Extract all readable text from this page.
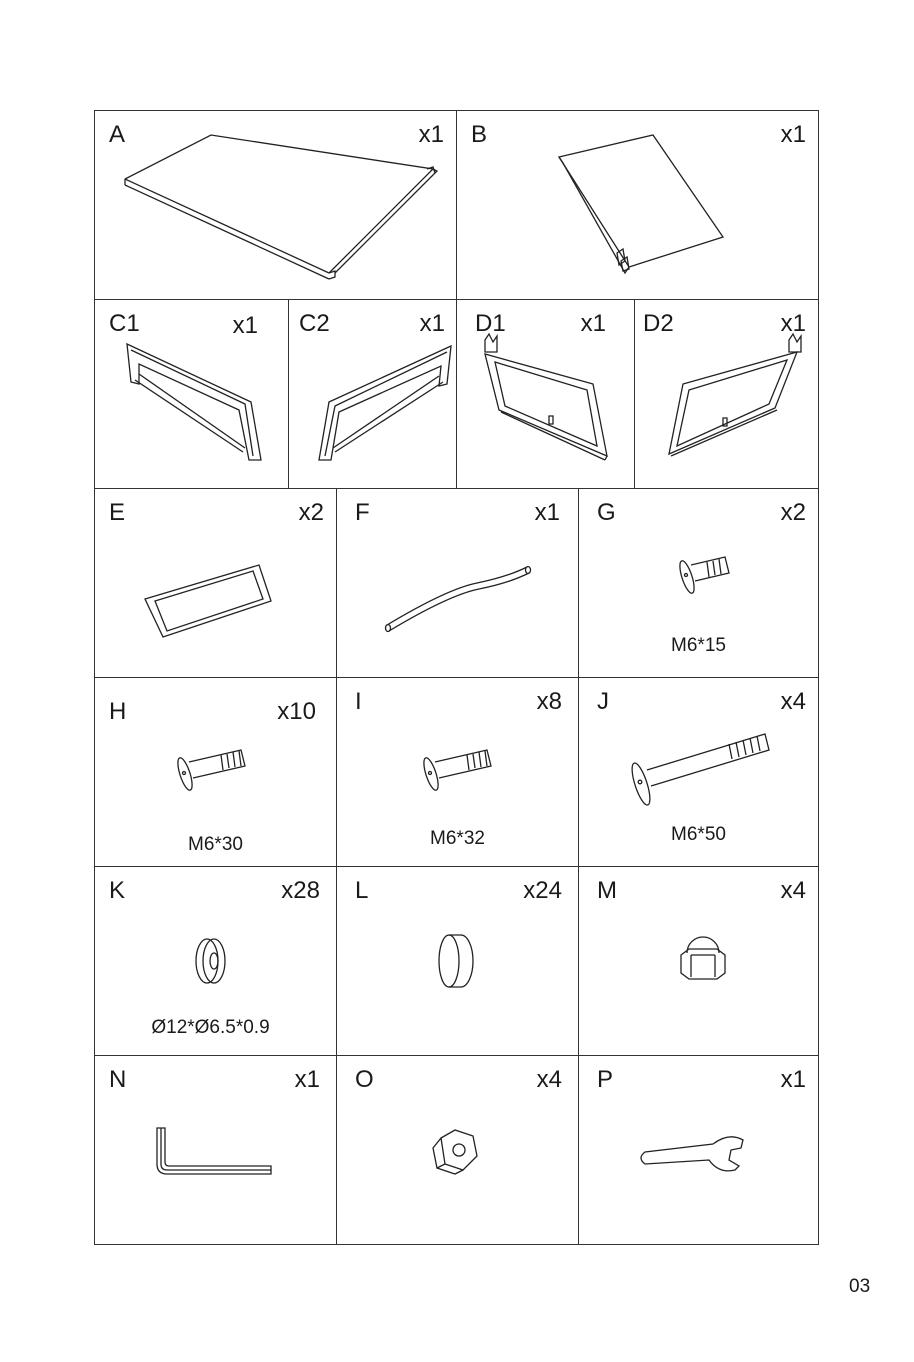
A	x1 B	x1
C1	x1 C2	x1 D1	x1 D2	x1
E	x2 F	x1 G	x2
M6*15
H	x10
M6*30
I	x8
M6*32
J	x4
M6*50
K	x28
Ø12*Ø6.5*0.9
L	x24 M	x4
N	x1 O	x4 P	x1
03
